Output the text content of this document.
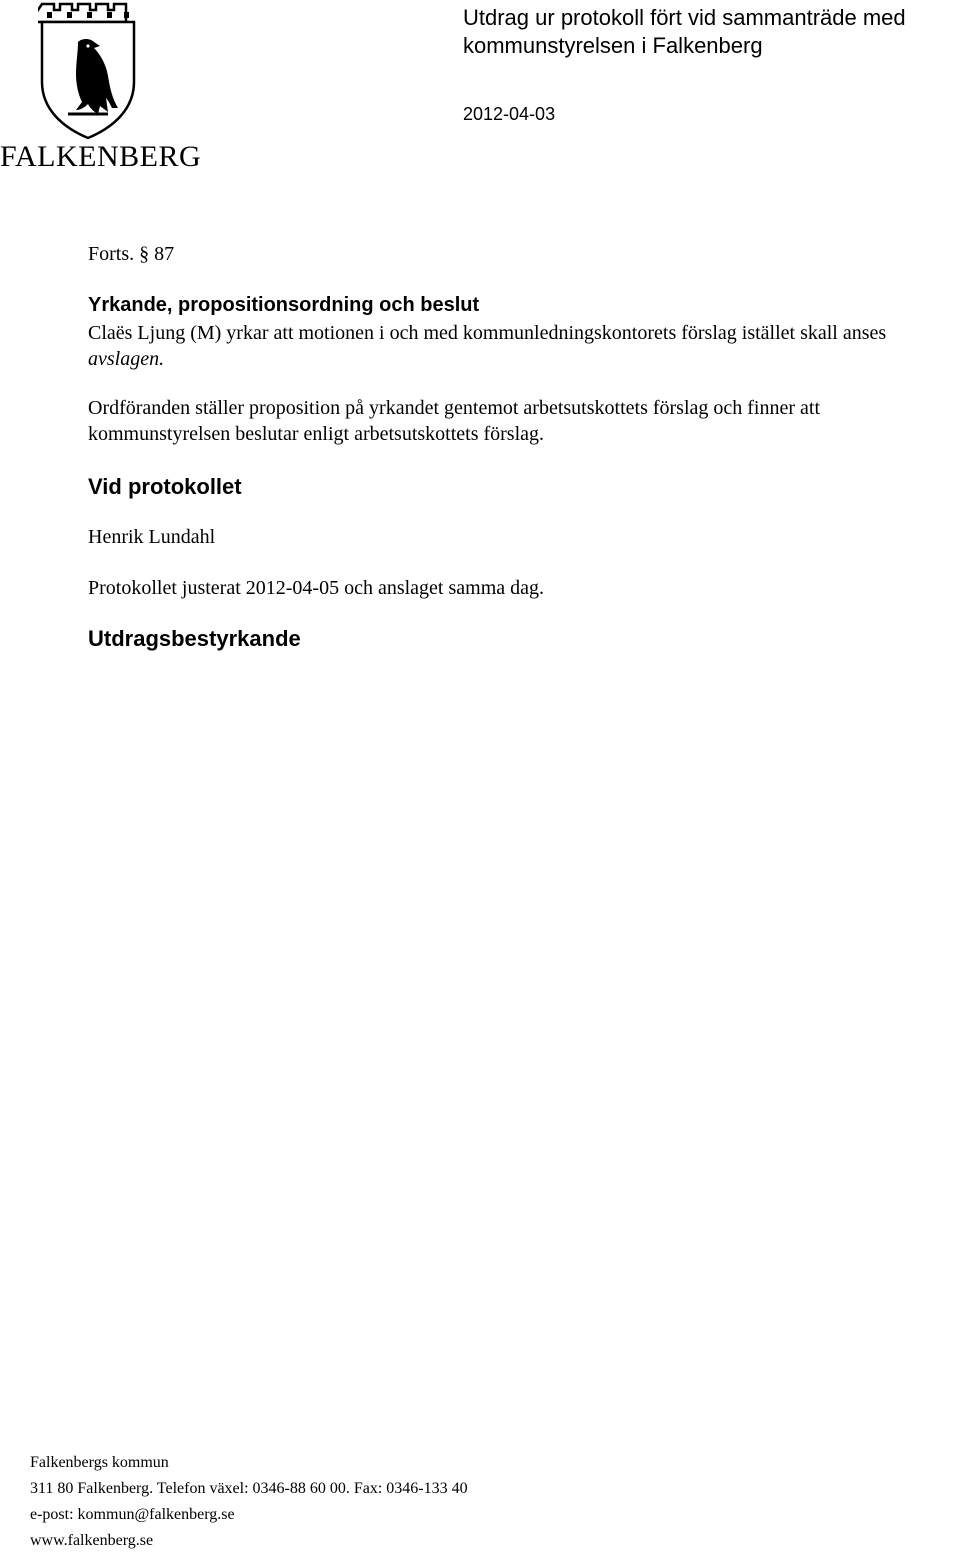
FALKENBERG
Utdrag ur protokoll fört vid sammanträde med
kommunstyrelsen i Falkenberg
2012-04-03
Forts. § 87
Yrkande, propositionsordning och beslut
Claës Ljung (M) yrkar att motionen i och med kommunledningskontorets förslag istället skall anses
avslagen.
Ordföranden ställer proposition på yrkandet gentemot arbetsutskottets förslag och finner att kommunstyrelsen beslutar enligt arbetsutskottets förslag.
Vid protokollet
Henrik Lundahl
Protokollet justerat 2012-04-05 och anslaget samma dag.
Utdragsbestyrkande
Falkenbergs kommun
311 80 Falkenberg. Telefon växel: 0346-88 60 00. Fax: 0346-133 40
e-post: kommun@falkenberg.se
www.falkenberg.se
